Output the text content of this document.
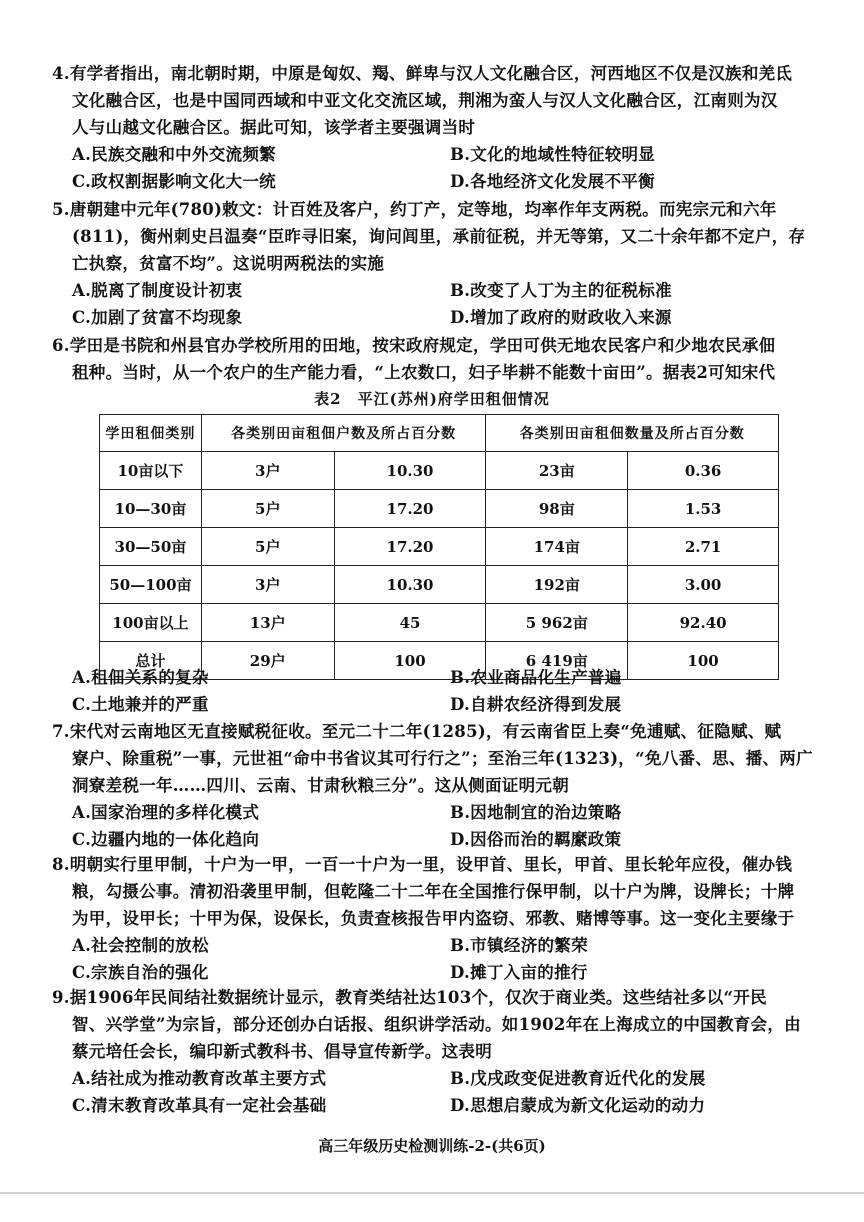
4.有学者指出，南北朝时期，中原是匈奴、羯、鲜卑与汉人文化融合区，河西地区不仅是汉族和羌氐
文化融合区，也是中国同西域和中亚文化交流区域，荆湘为蛮人与汉人文化融合区，江南则为汉
人与山越文化融合区。据此可知，该学者主要强调当时
A.民族交融和中外交流频繁	B.文化的地域性特征较明显
C.政权割据影响文化大一统	D.各地经济文化发展不平衡
5.唐朝建中元年(780)敕文：计百姓及客户，约丁产，定等地，均率作年支两税。而宪宗元和六年
(811)，衡州刺史吕温奏“臣昨寻旧案，询问闾里，承前征税，并无等第，又二十余年都不定户，存
亡执察，贫富不均”。这说明两税法的实施
A.脱离了制度设计初衷	B.改变了人丁为主的征税标准
C.加剧了贫富不均现象	D.增加了政府的财政收入来源
6.学田是书院和州县官办学校所用的田地，按宋政府规定，学田可供无地农民客户和少地农民承佃
租种。当时，从一个农户的生产能力看，“上农数口，妇子毕耕不能数十亩田”。据表2可知宋代
表2　平江(苏州)府学田租佃情况
学田租佃类别	各类别田亩租佃户数及所占百分数		各类别田亩租佃数量及所占百分数	
10亩以下	3户	10.30	23亩	0.36
10—30亩	5户	17.20	98亩	1.53
30—50亩	5户	17.20	174亩	2.71
50—100亩	3户	10.30	192亩	3.00
100亩以上	13户	45	5 962亩	92.40
总计	29户	100	6 419亩	100
A.租佃关系的复杂	B.农业商品化生产普遍
C.土地兼并的严重	D.自耕农经济得到发展
7.宋代对云南地区无直接赋税征收。至元二十二年(1285)，有云南省臣上奏“免逋赋、征隐赋、赋
寮户、除重税”一事，元世祖“命中书省议其可行行之”；至治三年(1323)，“免八番、思、播、两广
洞寮差税一年……四川、云南、甘肃秋粮三分”。这从侧面证明元朝
A.国家治理的多样化模式	B.因地制宜的治边策略
C.边疆内地的一体化趋向	D.因俗而治的羁縻政策
8.明朝实行里甲制，十户为一甲，一百一十户为一里，设甲首、里长，甲首、里长轮年应役，催办钱
粮，勾摄公事。清初沿袭里甲制，但乾隆二十二年在全国推行保甲制，以十户为牌，设牌长；十牌
为甲，设甲长；十甲为保，设保长，负责查核报告甲内盗窃、邪教、赌博等事。这一变化主要缘于
A.社会控制的放松	B.市镇经济的繁荣
C.宗族自治的强化	D.摊丁入亩的推行
9.据1906年民间结社数据统计显示，教育类结社达103个，仅次于商业类。这些结社多以“开民
智、兴学堂”为宗旨，部分还创办白话报、组织讲学活动。如1902年在上海成立的中国教育会，由
蔡元培任会长，编印新式教科书、倡导宣传新学。这表明
A.结社成为推动教育改革主要方式	B.戊戌政变促进教育近代化的发展
C.清末教育改革具有一定社会基础	D.思想启蒙成为新文化运动的动力
高三年级历史检测训练-2-(共6页)
